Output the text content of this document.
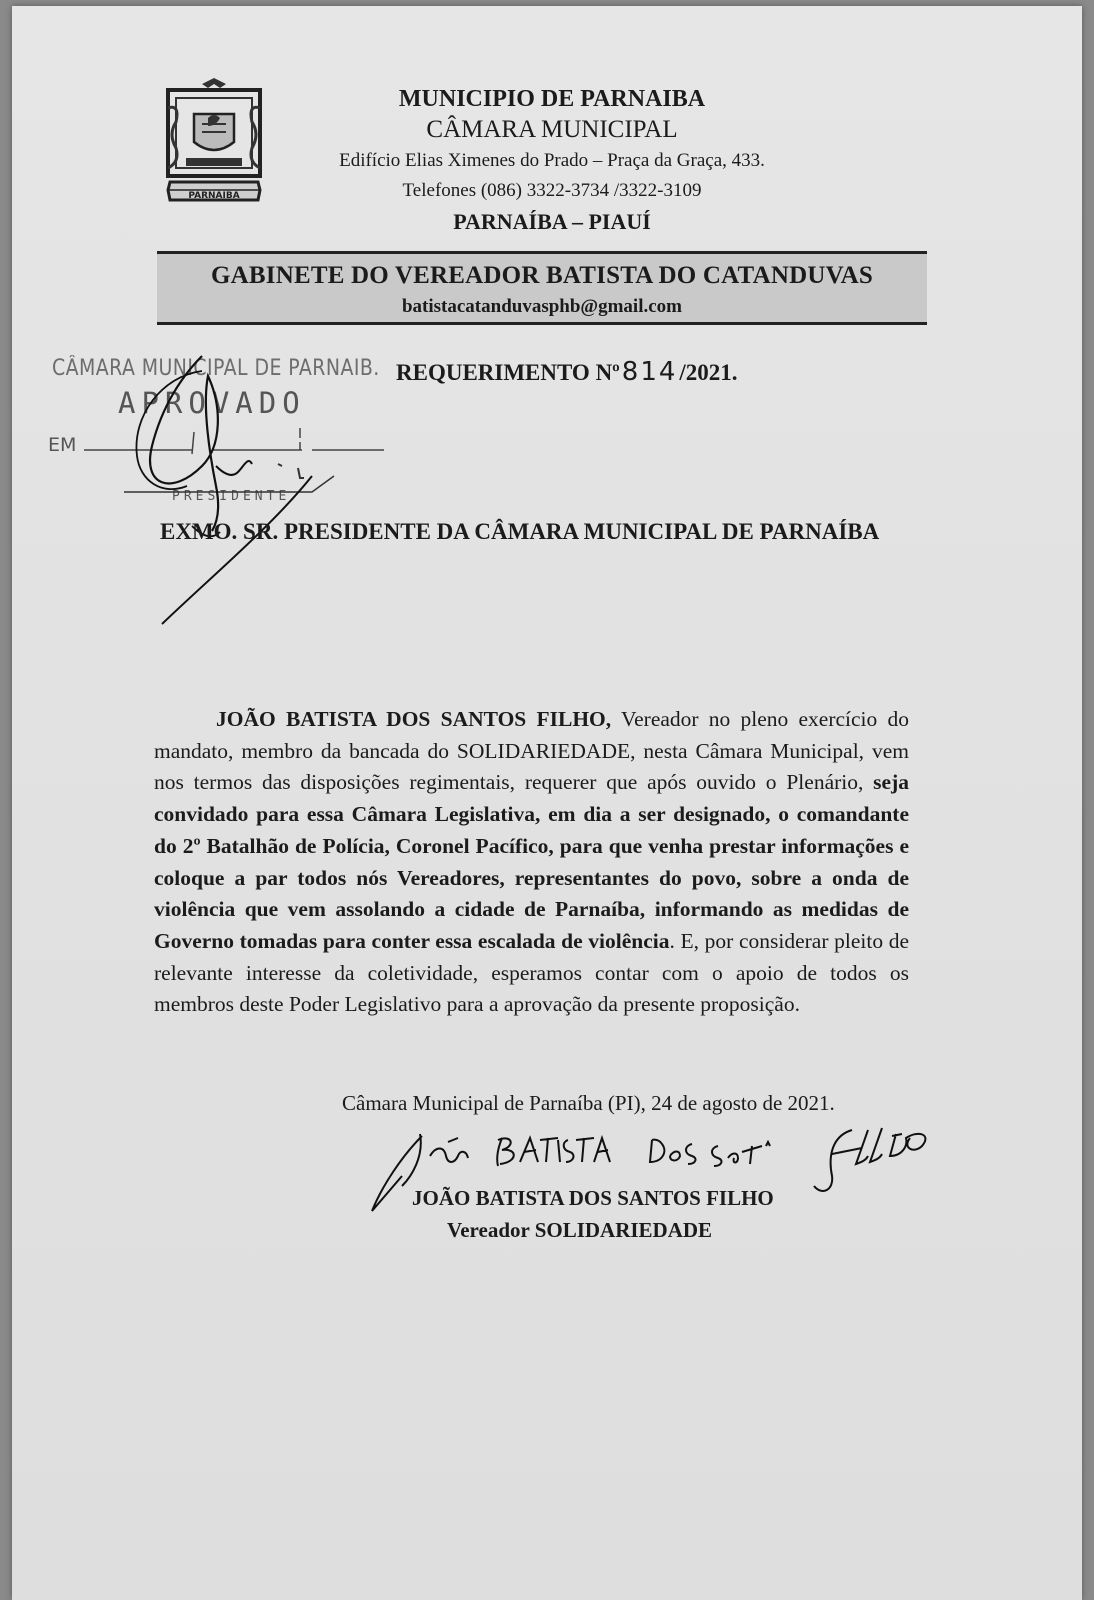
PARNAIBA
MUNICIPIO DE PARNAIBA
CÂMARA MUNICIPAL
Edifício Elias Ximenes do Prado – Praça da Graça, 433.
Telefones (086) 3322-3734 /3322-3109
PARNAÍBA – PIAUÍ
GABINETE DO VEREADOR BATISTA DO CATANDUVAS
batistacatanduvasphb@gmail.com
CÂMARA MUNICIPAL DE PARNAIB.
APROVADO
EM
PRESIDENTE
REQUERIMENTO Nº814/2021.
EXMO. SR. PRESIDENTE DA CÂMARA MUNICIPAL DE PARNAÍBA
JOÃO BATISTA DOS SANTOS FILHO, Vereador no pleno exercício do mandato, membro da bancada do SOLIDARIEDADE, nesta Câmara Municipal, vem nos termos das disposições regimentais, requerer que após ouvido o Plenário, seja convidado para essa Câmara Legislativa, em dia a ser designado, o comandante do 2º Batalhão de Polícia, Coronel Pacífico, para que venha prestar informações e coloque a par todos nós Vereadores, representantes do povo, sobre a onda de violência que vem assolando a cidade de Parnaíba, informando as medidas de Governo tomadas para conter essa escalada de violência. E, por considerar pleito de relevante interesse da coletividade, esperamos contar com o apoio de todos os membros deste Poder Legislativo para a aprovação da presente proposição.
Câmara Municipal de Parnaíba (PI), 24 de agosto de 2021.
JOÃO BATISTA DOS SANTOS FILHO
Vereador SOLIDARIEDADE
